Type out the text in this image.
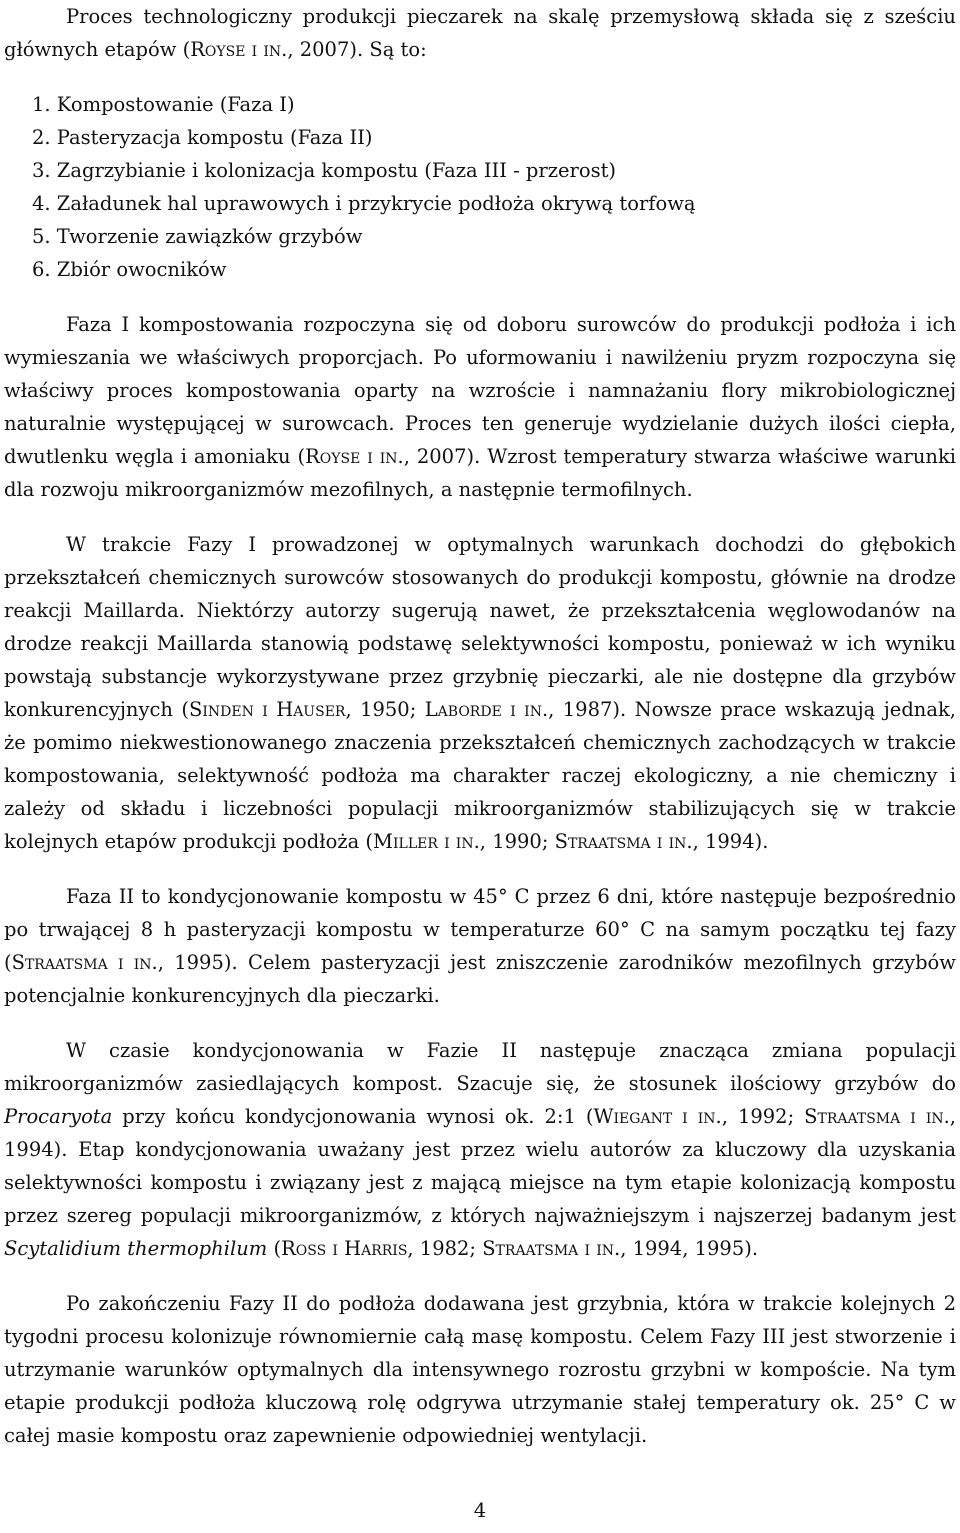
Proces technologiczny produkcji pieczarek na skalę przemysłową składa się z sześciu głównych etapów (Royse i in., 2007). Są to:

1. Kompostowanie (Faza I)
2. Pasteryzacja kompostu (Faza II)
3. Zagrzybianie i kolonizacja kompostu (Faza III - przerost)
4. Załadunek hal uprawowych i przykrycie podłoża okrywą torfową
5. Tworzenie zawiązków grzybów
6. Zbiór owocników

Faza I kompostowania rozpoczyna się od doboru surowców do produkcji podłoża i ich wymieszania we właściwych proporcjach. Po uformowaniu i nawilżeniu pryzm rozpoczyna się właściwy proces kompostowania oparty na wzroście i namnażaniu flory mikrobiologicznej naturalnie występującej w surowcach. Proces ten generuje wydzielanie dużych ilości ciepła, dwutlenku węgla i amoniaku (Royse i in., 2007). Wzrost temperatury stwarza właściwe warunki dla rozwoju mikroorganizmów mezofilnych, a następnie termofilnych.

W trakcie Fazy I prowadzonej w optymalnych warunkach dochodzi do głębokich przekształceń chemicznych surowców stosowanych do produkcji kompostu, głównie na drodze reakcji Maillarda. Niektórzy autorzy sugerują nawet, że przekształcenia węglowodanów na drodze reakcji Maillarda stanowią podstawę selektywności kompostu, ponieważ w ich wyniku powstają substancje wykorzystywane przez grzybnię pieczarki, ale nie dostępne dla grzybów konkurencyjnych (Sinden i Hauser, 1950; Laborde i in., 1987). Nowsze prace wskazują jednak, że pomimo niekwestionowanego znaczenia przekształceń chemicznych zachodzących w trakcie kompostowania, selektywność podłoża ma charakter raczej ekologiczny, a nie chemiczny i zależy od składu i liczebności populacji mikroorganizmów stabilizujących się w trakcie kolejnych etapów produkcji podłoża (Miller i in., 1990; Straatsma i in., 1994).

Faza II to kondycjonowanie kompostu w 45° C przez 6 dni, które następuje bezpośrednio po trwającej 8 h pasteryzacji kompostu w temperaturze 60° C na samym początku tej fazy (Straatsma i in., 1995). Celem pasteryzacji jest zniszczenie zarodników mezofilnych grzybów potencjalnie konkurencyjnych dla pieczarki.

W czasie kondycjonowania w Fazie II następuje znacząca zmiana populacji mikroorganizmów zasiedlających kompost. Szacuje się, że stosunek ilościowy grzybów do Procaryota przy końcu kondycjonowania wynosi ok. 2:1 (Wiegant i in., 1992; Straatsma i in., 1994). Etap kondycjonowania uważany jest przez wielu autorów za kluczowy dla uzyskania selektywności kompostu i związany jest z mającą miejsce na tym etapie kolonizacją kompostu przez szereg populacji mikroorganizmów, z których najważniejszym i najszerzej badanym jest Scytalidium thermophilum (Ross i Harris, 1982; Straatsma i in., 1994, 1995).

Po zakończeniu Fazy II do podłoża dodawana jest grzybnia, która w trakcie kolejnych 2 tygodni procesu kolonizuje równomiernie całą masę kompostu. Celem Fazy III jest stworzenie i utrzymanie warunków optymalnych dla intensywnego rozrostu grzybni w kompoście. Na tym etapie produkcji podłoża kluczową rolę odgrywa utrzymanie stałej temperatury ok. 25° C w całej masie kompostu oraz zapewnienie odpowiedniej wentylacji.

4
